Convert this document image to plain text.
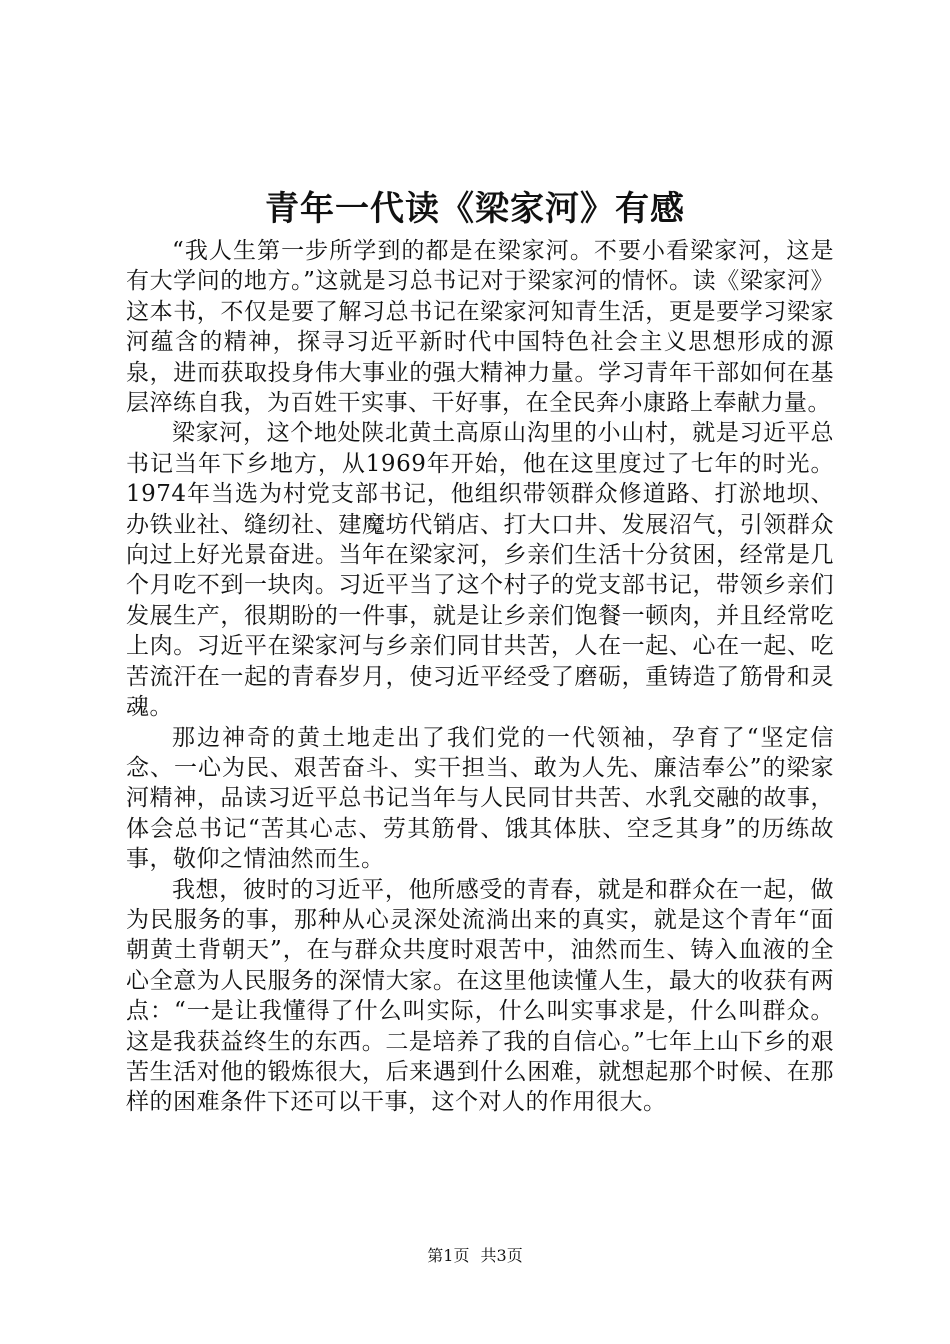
青年一代读《梁家河》有感

“我人生第一步所学到的都是在梁家河。不要小看梁家河，这是有大学问的地方。”这就是习总书记对于梁家河的情怀。读《梁家河》这本书，不仅是要了解习总书记在梁家河知青生活，更是要学习梁家河蕴含的精神，探寻习近平新时代中国特色社会主义思想形成的源泉，进而获取投身伟大事业的强大精神力量。学习青年干部如何在基层淬练自我，为百姓干实事、干好事，在全民奔小康路上奉献力量。

梁家河，这个地处陕北黄土高原山沟里的小山村，就是习近平总书记当年下乡地方，从1969年开始，他在这里度过了七年的时光。1974年当选为村党支部书记，他组织带领群众修道路、打淤地坝、办铁业社、缝纫社、建魔坊代销店、打大口井、发展沼气，引领群众向过上好光景奋进。当年在梁家河，乡亲们生活十分贫困，经常是几个月吃不到一块肉。习近平当了这个村子的党支部书记，带领乡亲们发展生产，很期盼的一件事，就是让乡亲们饱餐一顿肉，并且经常吃上肉。习近平在梁家河与乡亲们同甘共苦，人在一起、心在一起、吃苦流汗在一起的青春岁月，使习近平经受了磨砺，重铸造了筋骨和灵魂。

那边神奇的黄土地走出了我们党的一代领袖，孕育了“坚定信念、一心为民、艰苦奋斗、实干担当、敢为人先、廉洁奉公”的梁家河精神，品读习近平总书记当年与人民同甘共苦、水乳交融的故事，体会总书记“苦其心志、劳其筋骨、饿其体肤、空乏其身”的历练故事，敬仰之情油然而生。

我想，彼时的习近平，他所感受的青春，就是和群众在一起，做为民服务的事，那种从心灵深处流淌出来的真实，就是这个青年“面朝黄土背朝天”，在与群众共度时艰苦中，油然而生、铸入血液的全心全意为人民服务的深情大家。在这里他读懂人生，最大的收获有两点：“一是让我懂得了什么叫实际，什么叫实事求是，什么叫群众。这是我获益终生的东西。二是培养了我的自信心。”七年上山下乡的艰苦生活对他的锻炼很大，后来遇到什么困难，就想起那个时候、在那样的困难条件下还可以干事，这个对人的作用很大。

第1页 共3页
